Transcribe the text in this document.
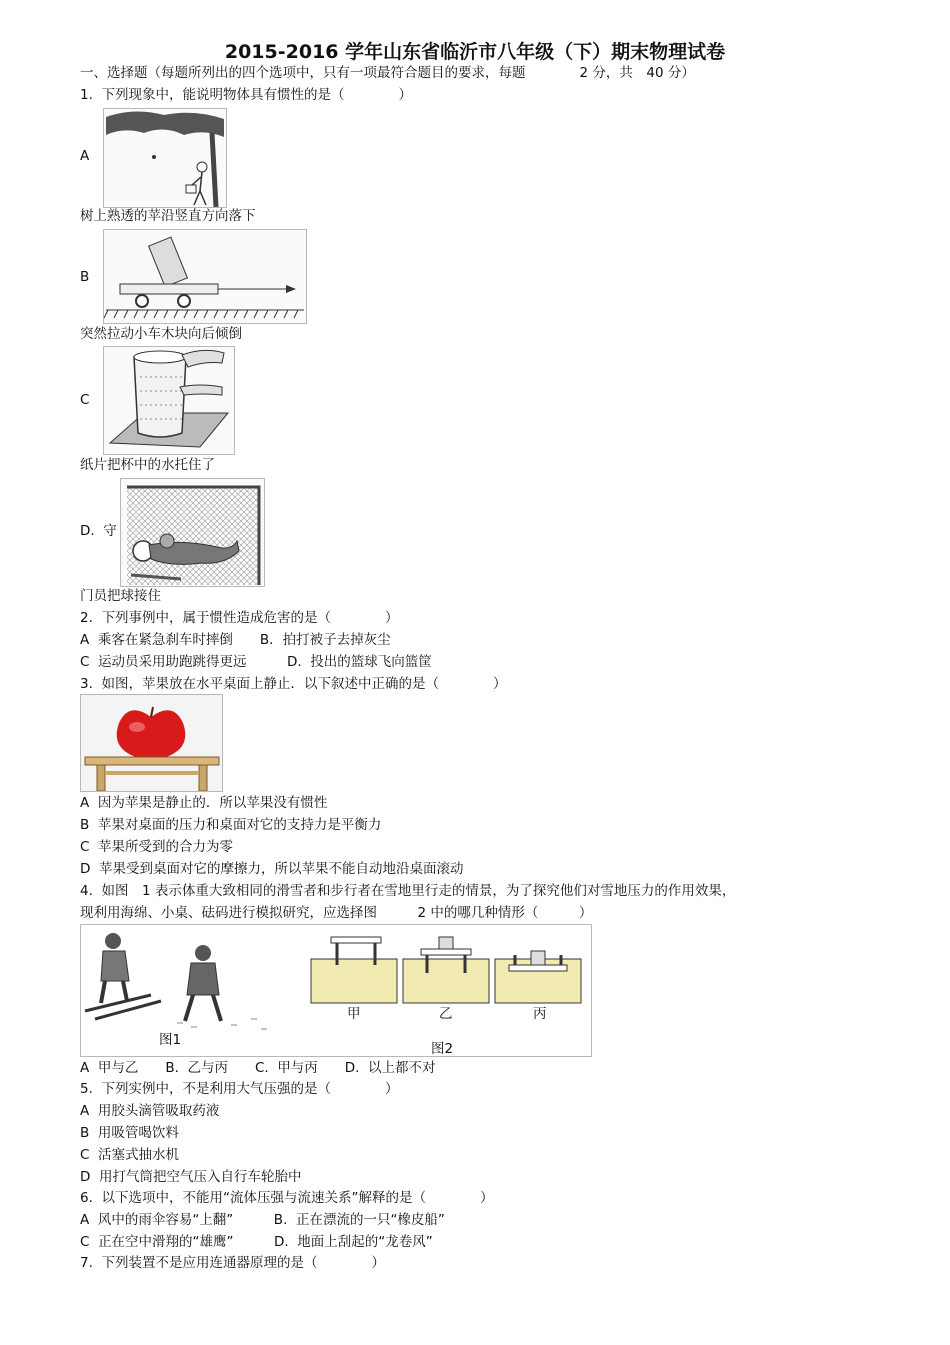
2015-2016 学年山东省临沂市八年级（下）期末物理试卷
一、选择题（每题所列出的四个选项中，只有一项最符合题目的要求，每题　　　　2 分，共　40 分）
1.  下列现象中，能说明物体具有惯性的是（　　　　）
A
树上熟透的苹沿竖直方向落下
B
突然拉动小车木块向后倾倒
C
纸片把杯中的水托住了
D.  守
门员把球接住
2.  下列事例中，属于惯性造成危害的是（　　　　）
A  乘客在紧急刹车时摔倒　　B．拍打被子去掉灰尘
C  运动员采用助跑跳得更远　　　D.  投出的篮球飞向篮筐
3.  如图，苹果放在水平桌面上静止．以下叙述中正确的是（　　　　）
A  因为苹果是静止的．所以苹果没有惯性
B  苹果对桌面的压力和桌面对它的支持力是平衡力
C  苹果所受到的合力为零
D  苹果受到桌面对它的摩擦力，所以苹果不能自动地沿桌面滚动
4.  如图　1 表示体重大致相同的滑雪者和步行者在雪地里行走的情景，为了探究他们对雪地压力的作用效果，
现利用海绵、小桌、砝码进行模拟研究，应选择图　　　2 中的哪几种情形（　　　）
图1
图2
甲	乙	丙
A  甲与乙　　B.  乙与丙　　C.  甲与丙　　D.  以上都不对
5.  下列实例中，不是利用大气压强的是（　　　　）
A  用胶头滴管吸取药液
B  用吸管喝饮料
C  活塞式抽水机
D  用打气筒把空气压入自行车轮胎中
6.  以下选项中，不能用“流体压强与流速关系”解释的是（　　　　）
A  风中的雨伞容易“上翻”　　　B.  正在漂流的一只“橡皮船”
C  正在空中滑翔的“雄鹰”　　　D.  地面上刮起的“龙卷风”
7.  下列装置不是应用连通器原理的是（　　　　）
